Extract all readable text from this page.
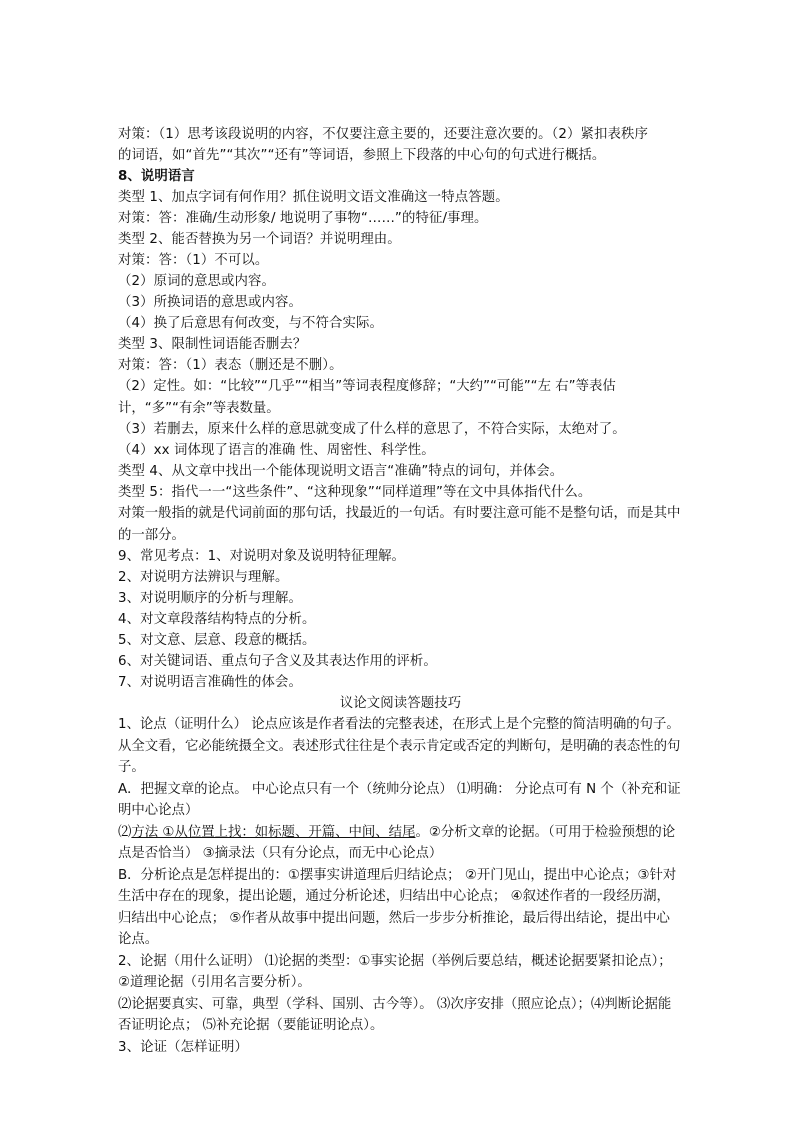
对策：（1）思考该段说明的内容，不仅要注意主要的，还要注意次要的。（2）紧扣表秩序
的词语，如“首先”“其次”“还有”等词语，参照上下段落的中心句的句式进行概括。
8、说明语言
类型 1、加点字词有何作用？抓住说明文语文准确这一特点答题。
对策：答：准确/生动形象/ 地说明了事物“……”的特征/事理。
类型 2、能否替换为另一个词语？并说明理由。
对策：答：（1）不可以。
（2）原词的意思或内容。
（3）所换词语的意思或内容。
（4）换了后意思有何改变，与不符合实际。
类型 3、限制性词语能否删去？
对策：答：（1）表态（删还是不删）。
（2）定性。如：“比较”“几乎”“相当”等词表程度修辞；“大约”“可能”“左 右”等表估计，“多”“有余”等表数量。
（3）若删去，原来什么样的意思就变成了什么样的意思了，不符合实际，太绝对了。
（4）xx 词体现了语言的准确 性、周密性、科学性。
类型 4、从文章中找出一个能体现说明文语言“准确”特点的词句，并体会。
类型 5：指代一一“这些条件”、“这种现象”“同样道理”等在文中具体指代什么。
对策一般指的就是代词前面的那句话，找最近的一句话。有时要注意可能不是整句话，而是其中的一部分。
9、常见考点：1、对说明对象及说明特征理解。
2、对说明方法辨识与理解。
3、对说明顺序的分析与理解。
4、对文章段落结构特点的分析。
5、对文意、层意、段意的概括。
6、对关键词语、重点句子含义及其表达作用的评析。
7、对说明语言准确性的体会。
议论文阅读答题技巧
1、论点（证明什么） 论点应该是作者看法的完整表述，在形式上是个完整的简洁明确的句子。从全文看，它必能统摄全文。表述形式往往是个表示肯定或否定的判断句，是明确的表态性的句子。
A．把握文章的论点。 中心论点只有一个（统帅分论点） ⑴明确： 分论点可有 N 个（补充和证明中心论点）
⑵方法 ①从位置上找：如标题、开篇、中间、结尾。②分析文章的论据。（可用于检验预想的论点是否恰当） ③摘录法（只有分论点，而无中心论点）
B．分析论点是怎样提出的：①摆事实讲道理后归结论点； ②开门见山，提出中心论点；③针对生活中存在的现象，提出论题，通过分析论述，归结出中心论点； ④叙述作者的一段经历湖，归结出中心论点； ⑤作者从故事中提出问题，然后一步步分析推论，最后得出结论，提出中心论点。
2、论据（用什么证明） ⑴论据的类型：①事实论据（举例后要总结，概述论据要紧扣论点）；②道理论据（引用名言要分析）。
⑵论据要真实、可靠，典型（学科、国别、古今等）。 ⑶次序安排（照应论点）；⑷判断论据能否证明论点； ⑸补充论据（要能证明论点）。
3、论证（怎样证明）
